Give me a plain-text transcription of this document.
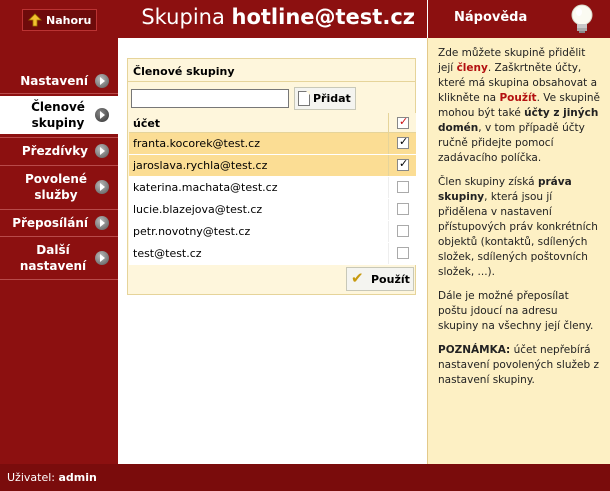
Nahoru Skupina hotline@test.cz
Nastavení
Členové skupiny
Přezdívky
Povolené služby
Přeposílání
Další nastavení
Členové skupiny
Přidat
účet
✓
franta.kocorek@test.cz
✓
jaroslava.rychla@test.cz
✓
katerina.machata@test.cz
lucie.blazejova@test.cz
petr.novotny@test.cz
test@test.cz
✔
Použít
Nápověda

Zde můžete skupině přidělit její členy. Zaškrtněte účty, které má skupina obsahovat a klikněte na Použít. Ve skupině mohou být také účty z jiných domén, v tom případě účty ručně přidejte pomocí zadávacího políčka.

Člen skupiny získá práva skupiny, která jsou jí přidělena v nastavení přístupových práv konkrétních objektů (kontaktů, sdílených složek, sdílených poštovních složek, ...).

Dále je možné přeposílat poštu jdoucí na adresu skupiny na všechny její členy.

POZNÁMKA: účet nepřebírá nastavení povolených služeb z nastavení skupiny.

Uživatel: admin
